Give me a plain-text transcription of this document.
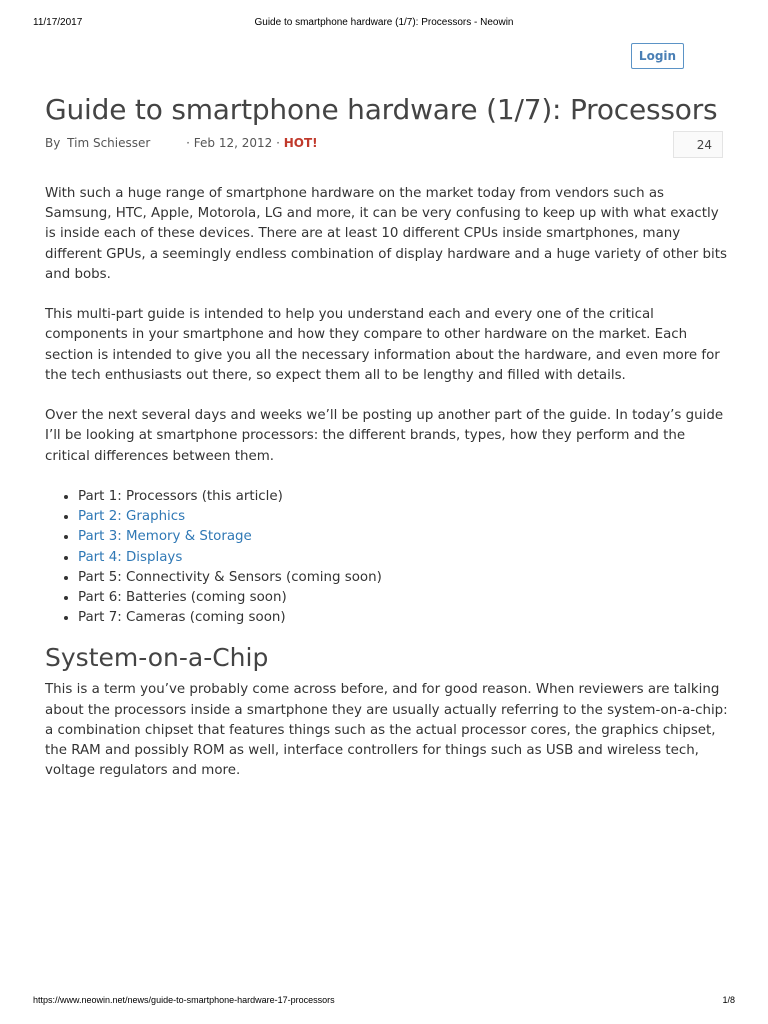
11/17/2017	Guide to smartphone hardware (1/7): Processors - Neowin
Login
Guide to smartphone hardware (1/7): Processors
By Tim Schiesser	· Feb 12, 2012 · HOT!	24

With such a huge range of smartphone hardware on the market today from vendors such as Samsung, HTC, Apple, Motorola, LG and more, it can be very confusing to keep up with what exactly is inside each of these devices. There are at least 10 different CPUs inside smartphones, many different GPUs, a seemingly endless combination of display hardware and a huge variety of other bits and bobs.

This multi-part guide is intended to help you understand each and every one of the critical components in your smartphone and how they compare to other hardware on the market. Each section is intended to give you all the necessary information about the hardware, and even more for the tech enthusiasts out there, so expect them all to be lengthy and filled with details.

Over the next several days and weeks we’ll be posting up another part of the guide. In today’s guide I’ll be looking at smartphone processors: the different brands, types, how they perform and the critical differences between them.

• Part 1: Processors (this article)
• Part 2: Graphics
• Part 3: Memory & Storage
• Part 4: Displays
• Part 5: Connectivity & Sensors (coming soon)
• Part 6: Batteries (coming soon)
• Part 7: Cameras (coming soon)
System-on-a-Chip

This is a term you’ve probably come across before, and for good reason. When reviewers are talking about the processors inside a smartphone they are usually actually referring to the system-on-a-chip: a combination chipset that features things such as the actual processor cores, the graphics chipset, the RAM and possibly ROM as well, interface controllers for things such as USB and wireless tech, voltage regulators and more.

https://www.neowin.net/news/guide-to-smartphone-hardware-17-processors	1/8
